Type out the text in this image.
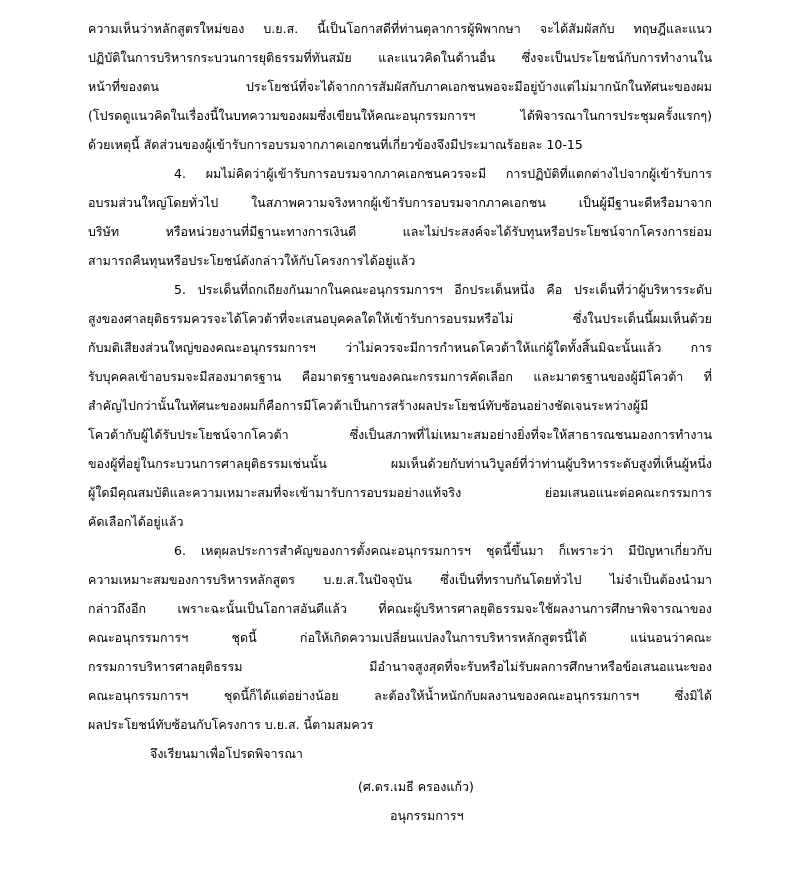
ความเห็นว่าหลักสูตรใหม่ของ บ.ย.ส. นี้เป็นโอกาสดีที่ท่านตุลาการผู้พิพากษา จะได้สัมผัสกับ ทฤษฎีและแนว
ปฏิบัติในการบริหารกระบวนการยุติธรรมที่ทันสมัย และแนวคิดในด้านอื่น ซึ่งจะเป็นประโยชน์กับการทำงานใน
หน้าที่ของตน ประโยชน์ที่จะได้จากการสัมผัสกับภาคเอกชนพอจะมีอยู่บ้างแต่ไม่มากนักในทัศนะของผม
(โปรดดูแนวคิดในเรื่องนี้ในบทความของผมซึ่งเขียนให้คณะอนุกรรมการฯ ได้พิจารณาในการประชุมครั้งแรกๆ)
ด้วยเหตุนี้ สัดส่วนของผู้เข้ารับการอบรมจากภาคเอกชนที่เกี่ยวข้องจึงมีประมาณร้อยละ 10-15
4. ผมไม่คิดว่าผู้เข้ารับการอบรมจากภาคเอกชนควรจะมี การปฏิบัติที่แตกต่างไปจากผู้เข้ารับการ
อบรมส่วนใหญ่โดยทั่วไป ในสภาพความจริงหากผู้เข้ารับการอบรมจากภาคเอกชน เป็นผู้มีฐานะดีหรือมาจาก
บริษัท หรือหน่วยงานที่มีฐานะทางการเงินดี และไม่ประสงค์จะได้รับทุนหรือประโยชน์จากโครงการย่อม
สามารถคืนทุนหรือประโยชน์ดังกล่าวให้กับโครงการได้อยู่แล้ว
5. ประเด็นที่ถกเถียงกันมากในคณะอนุกรรมการฯ อีกประเด็นหนึ่ง คือ ประเด็นที่ว่าผู้บริหารระดับ
สูงของศาลยุติธรรมควรจะได้โควต้าที่จะเสนอบุคคลใดให้เข้ารับการอบรมหรือไม่ ซึ่งในประเด็นนี้ผมเห็นด้วย
กับมติเสียงส่วนใหญ่ของคณะอนุกรรมการฯ ว่าไม่ควรจะมีการกำหนดโควต้าให้แก่ผู้ใดทั้งสิ้นมิฉะนั้นแล้ว การ
รับบุคคลเข้าอบรมจะมีสองมาตรฐาน คือมาตรฐานของคณะกรรมการคัดเลือก และมาตรฐานของผู้มีโควต้า ที่
สำคัญไปกว่านั้นในทัศนะของผมก็คือการมีโควต้าเป็นการสร้างผลประโยชน์ทับซ้อนอย่างชัดเจนระหว่างผู้มี
โควต้ากับผู้ได้รับประโยชน์จากโควต้า ซึ่งเป็นสภาพที่ไม่เหมาะสมอย่างยิ่งที่จะให้สาธารณชนมองการทำงาน
ของผู้ที่อยู่ในกระบวนการศาลยุติธรรมเช่นนั้น ผมเห็นด้วยกับท่านวิบูลย์ที่ว่าท่านผู้บริหารระดับสูงที่เห็นผู้หนึ่ง
ผู้ใดมีคุณสมบัติและความเหมาะสมที่จะเข้ามารับการอบรมอย่างแท้จริง ย่อมเสนอแนะต่อคณะกรรมการ
คัดเลือกได้อยู่แล้ว
6. เหตุผลประการสำคัญของการตั้งคณะอนุกรรมการฯ ชุดนี้ขึ้นมา ก็เพราะว่า มีปัญหาเกี่ยวกับ
ความเหมาะสมของการบริหารหลักสูตร บ.ย.ส.ในปัจจุบัน ซึ่งเป็นที่ทราบกันโดยทั่วไป ไม่จำเป็นต้องนำมา
กล่าวถึงอีก เพราะฉะนั้นเป็นโอกาสอันดีแล้ว ที่คณะผู้บริหารศาลยุติธรรมจะใช้ผลงานการศึกษาพิจารณาของ
คณะอนุกรรมการฯ ชุดนี้ ก่อให้เกิดความเปลี่ยนแปลงในการบริหารหลักสูตรนี้ได้ แน่นอนว่าคณะ
กรรมการบริหารศาลยุติธรรม มีอำนาจสูงสุดที่จะรับหรือไม่รับผลการศึกษาหรือข้อเสนอแนะของ
คณะอนุกรรมการฯ ชุดนี้ก็ได้แต่อย่างน้อย ละต้องให้น้ำหนักกับผลงานของคณะอนุกรรมการฯ ซึ่งมิได้
ผลประโยชน์ทับซ้อนกับโครงการ บ.ย.ส. นี้ตามสมควร
จึงเรียนมาเพื่อโปรดพิจารณา
(ศ.ดร.เมธี ครองแก้ว)
อนุกรรมการฯ
